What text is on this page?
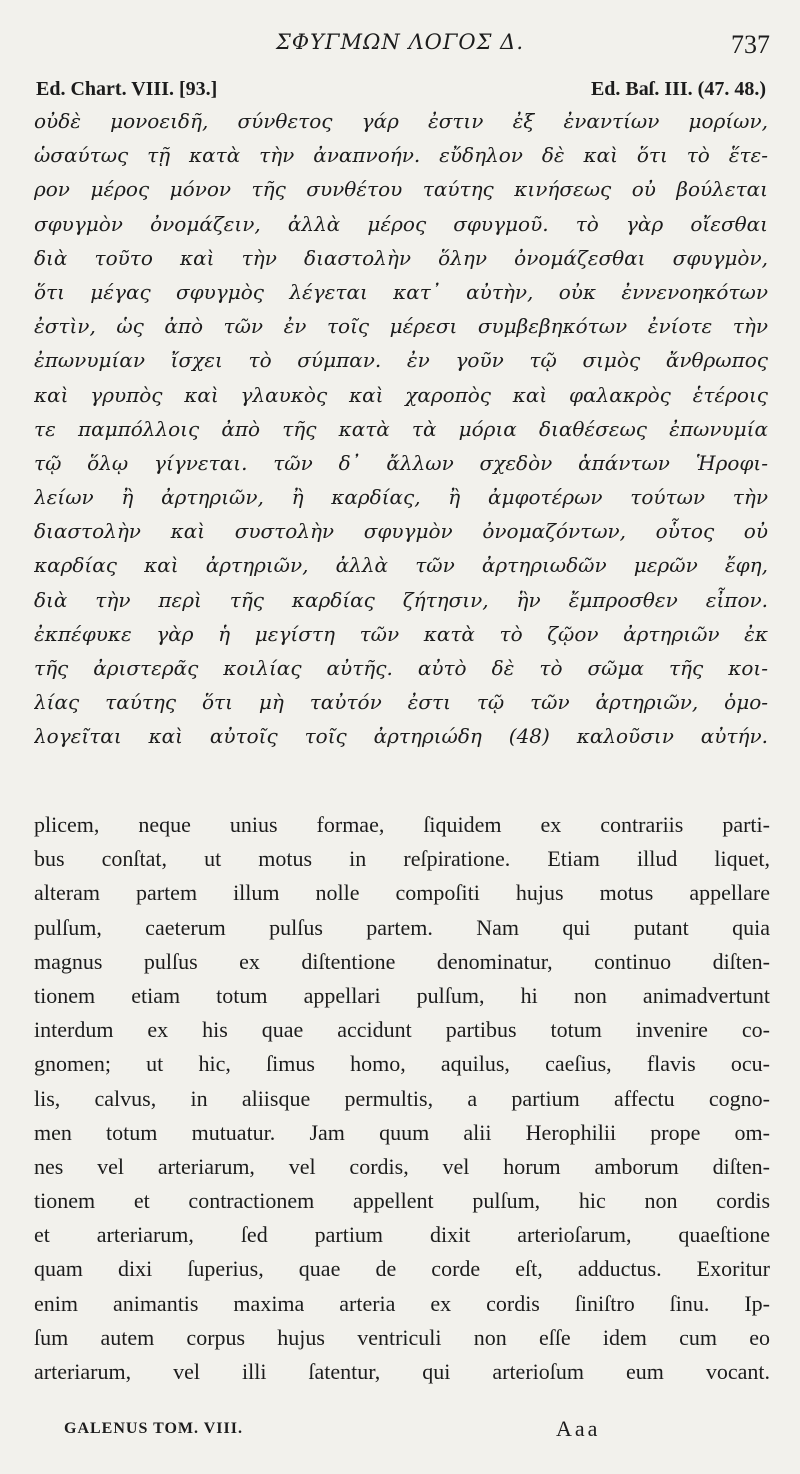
ΣΦΥΓΜΩΝ ΛΟΓΟΣ Δ.	737
Ed. Chart. VIII. [93.]	Ed. Baſ. III. (47. 48.)
οὐδὲ μονοειδῆ, σύνθετος γάρ ἐστιν ἐξ ἐναντίων μορίων,
ὡσαύτως τῇ κατὰ τὴν ἀναπνοήν. εὔδηλον δὲ καὶ ὅτι τὸ ἕτε-
ρον μέρος μόνον τῆς συνθέτου ταύτης κινήσεως οὐ βούλεται
σφυγμὸν ὀνομάζειν, ἀλλὰ μέρος σφυγμοῦ. τὸ γὰρ οἴεσθαι
διὰ τοῦτο καὶ τὴν διαστολὴν ὅλην ὀνομάζεσθαι σφυγμὸν,
ὅτι μέγας σφυγμὸς λέγεται κατ᾿ αὐτὴν, οὐκ ἐννενοηκότων
ἐστὶν, ὡς ἀπὸ τῶν ἐν τοῖς μέρεσι συμβεβηκότων ἐνίοτε τὴν
ἐπωνυμίαν ἴσχει τὸ σύμπαν. ἐν γοῦν τῷ σιμὸς ἄνθρωπος
καὶ γρυπὸς καὶ γλαυκὸς καὶ χαροπὸς καὶ φαλακρὸς ἑτέροις
τε παμπόλλοις ἀπὸ τῆς κατὰ τὰ μόρια διαθέσεως ἐπωνυμία
τῷ ὅλῳ γίγνεται. τῶν δ᾿ ἄλλων σχεδὸν ἁπάντων Ἡροφι-
λείων ἢ ἀρτηριῶν, ἢ καρδίας, ἢ ἀμφοτέρων τούτων τὴν
διαστολὴν καὶ συστολὴν σφυγμὸν ὀνομαζόντων, οὗτος οὐ
καρδίας καὶ ἀρτηριῶν, ἀλλὰ τῶν ἀρτηριωδῶν μερῶν ἔφη,
διὰ τὴν περὶ τῆς καρδίας ζήτησιν, ἣν ἔμπροσθεν εἶπον.
ἐκπέφυκε γὰρ ἡ μεγίστη τῶν κατὰ τὸ ζῷον ἀρτηριῶν ἐκ
τῆς ἀριστερᾶς κοιλίας αὐτῆς. αὐτὸ δὲ τὸ σῶμα τῆς κοι-
λίας ταύτης ὅτι μὴ ταὐτόν ἐστι τῷ τῶν ἀρτηριῶν, ὁμο-
λογεῖται καὶ αὐτοῖς τοῖς ἀρτηριώδη (48) καλοῦσιν αὐτήν.
plicem, neque unius formae, ſiquidem ex contrariis parti-
bus conſtat, ut motus in reſpiratione. Etiam illud liquet,
alteram partem illum nolle compoſiti hujus motus appellare
pulſum, caeterum pulſus partem. Nam qui putant quia
magnus pulſus ex diſtentione denominatur, continuo diſten-
tionem etiam totum appellari pulſum, hi non animadvertunt
interdum ex his quae accidunt partibus totum invenire co-
gnomen; ut hic, ſimus homo, aquilus, caeſius, flavis ocu-
lis, calvus, in aliisque permultis, a partium affectu cogno-
men totum mutuatur. Jam quum alii Herophilii prope om-
nes vel arteriarum, vel cordis, vel horum amborum diſten-
tionem et contractionem appellent pulſum, hic non cordis
et arteriarum, ſed partium dixit arterioſarum, quaeſtione
quam dixi ſuperius, quae de corde eſt, adductus. Exoritur
enim animantis maxima arteria ex cordis ſiniſtro ſinu. Ip-
ſum autem corpus hujus ventriculi non eſſe idem cum eo
arteriarum, vel illi ſatentur, qui arterioſum eum vocant.
GALENUS TOM. VIII.	Aaa
